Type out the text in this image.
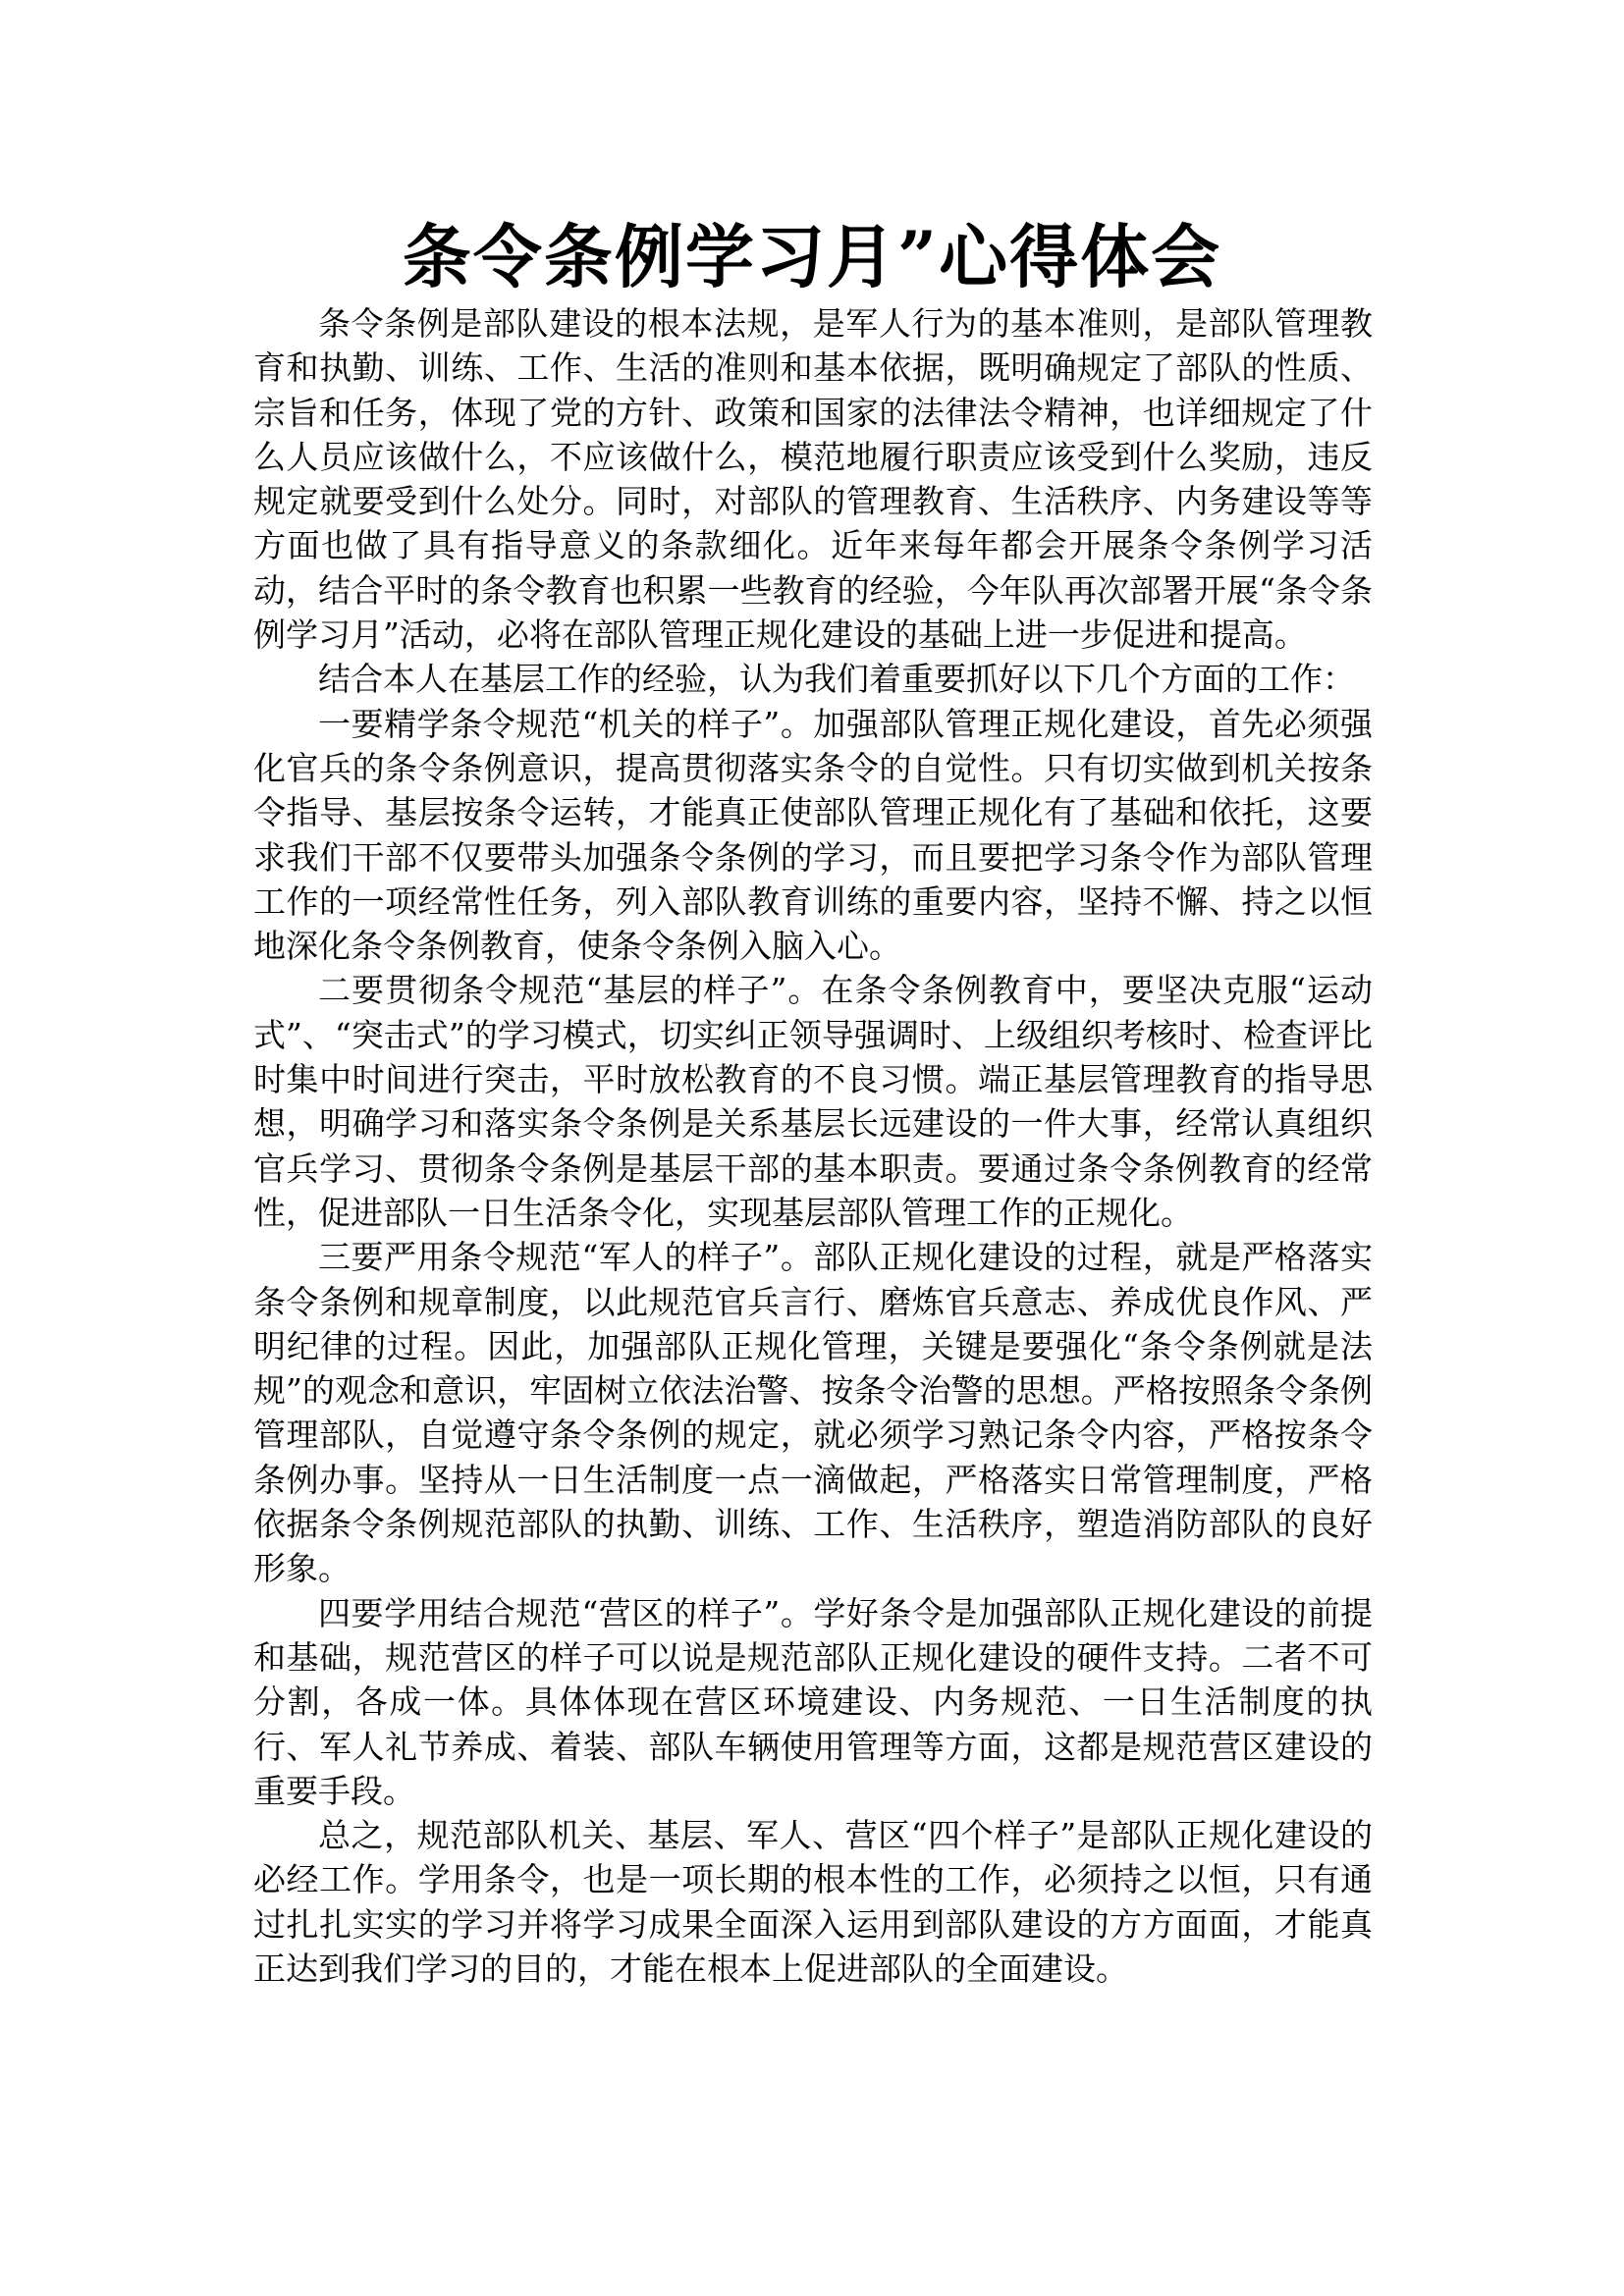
条令条例学习月”心得体会

条令条例是部队建设的根本法规，是军人行为的基本准则，是部队管理教育和执勤、训练、工作、生活的准则和基本依据，既明确规定了部队的性质、宗旨和任务，体现了党的方针、政策和国家的法律法令精神，也详细规定了什么人员应该做什么，不应该做什么，模范地履行职责应该受到什么奖励，违反规定就要受到什么处分。同时，对部队的管理教育、生活秩序、内务建设等等方面也做了具有指导意义的条款细化。近年来每年都会开展条令条例学习活动，结合平时的条令教育也积累一些教育的经验，今年队再次部署开展“条令条例学习月”活动，必将在部队管理正规化建设的基础上进一步促进和提高。

结合本人在基层工作的经验，认为我们着重要抓好以下几个方面的工作：

一要精学条令规范“机关的样子”。加强部队管理正规化建设，首先必须强化官兵的条令条例意识，提高贯彻落实条令的自觉性。只有切实做到机关按条令指导、基层按条令运转，才能真正使部队管理正规化有了基础和依托，这要求我们干部不仅要带头加强条令条例的学习，而且要把学习条令作为部队管理工作的一项经常性任务，列入部队教育训练的重要内容，坚持不懈、持之以恒地深化条令条例教育，使条令条例入脑入心。

二要贯彻条令规范“基层的样子”。在条令条例教育中，要坚决克服“运动式”、“突击式”的学习模式，切实纠正领导强调时、上级组织考核时、检查评比时集中时间进行突击，平时放松教育的不良习惯。端正基层管理教育的指导思想，明确学习和落实条令条例是关系基层长远建设的一件大事，经常认真组织官兵学习、贯彻条令条例是基层干部的基本职责。要通过条令条例教育的经常性，促进部队一日生活条令化，实现基层部队管理工作的正规化。

三要严用条令规范“军人的样子”。部队正规化建设的过程，就是严格落实条令条例和规章制度，以此规范官兵言行、磨炼官兵意志、养成优良作风、严明纪律的过程。因此，加强部队正规化管理，关键是要强化“条令条例就是法规”的观念和意识，牢固树立依法治警、按条令治警的思想。严格按照条令条例管理部队，自觉遵守条令条例的规定，就必须学习熟记条令内容，严格按条令条例办事。坚持从一日生活制度一点一滴做起，严格落实日常管理制度，严格依据条令条例规范部队的执勤、训练、工作、生活秩序，塑造消防部队的良好形象。

四要学用结合规范“营区的样子”。学好条令是加强部队正规化建设的前提和基础，规范营区的样子可以说是规范部队正规化建设的硬件支持。二者不可分割，各成一体。具体体现在营区环境建设、内务规范、一日生活制度的执行、军人礼节养成、着装、部队车辆使用管理等方面，这都是规范营区建设的重要手段。

总之，规范部队机关、基层、军人、营区“四个样子”是部队正规化建设的必经工作。学用条令，也是一项长期的根本性的工作，必须持之以恒，只有通过扎扎实实的学习并将学习成果全面深入运用到部队建设的方方面面，才能真正达到我们学习的目的，才能在根本上促进部队的全面建设。
